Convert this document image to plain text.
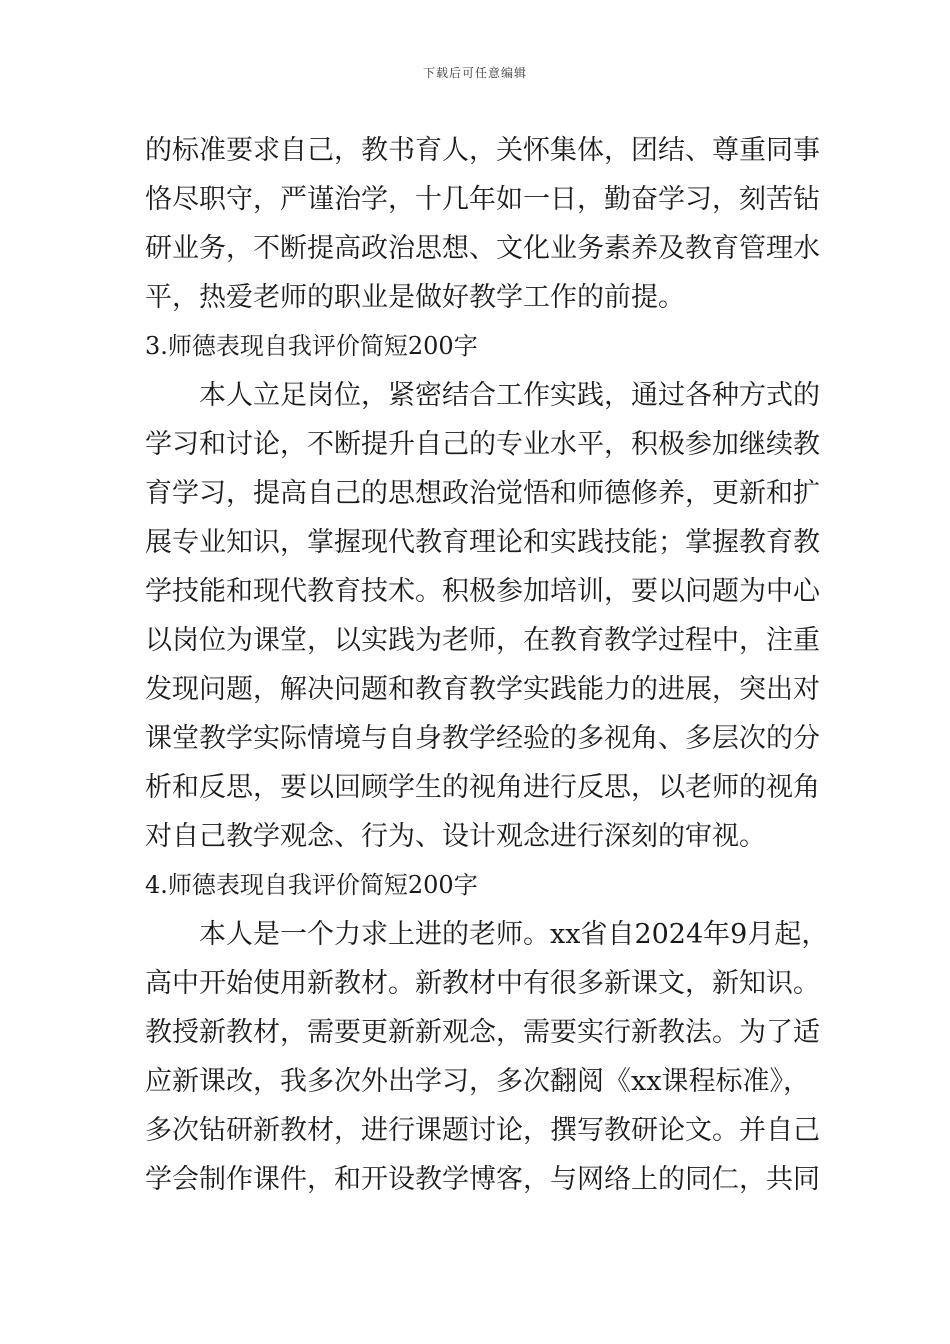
下载后可任意编辑
的标准要求自己，教书育人，关怀集体，团结、尊重同事
恪尽职守，严谨治学，十几年如一日，勤奋学习，刻苦钻
研业务，不断提高政治思想、文化业务素养及教育管理水
平，热爱老师的职业是做好教学工作的前提。
3.师德表现自我评价简短200字
本人立足岗位，紧密结合工作实践，通过各种方式的
学习和讨论，不断提升自己的专业水平，积极参加继续教
育学习，提高自己的思想政治觉悟和师德修养，更新和扩
展专业知识，掌握现代教育理论和实践技能；掌握教育教
学技能和现代教育技术。积极参加培训，要以问题为中心
以岗位为课堂，以实践为老师，在教育教学过程中，注重
发现问题，解决问题和教育教学实践能力的进展，突出对
课堂教学实际情境与自身教学经验的多视角、多层次的分
析和反思，要以回顾学生的视角进行反思，以老师的视角
对自己教学观念、行为、设计观念进行深刻的审视。
4.师德表现自我评价简短200字
本人是一个力求上进的老师。xx省自2024年9月起，
高中开始使用新教材。新教材中有很多新课文，新知识。
教授新教材，需要更新新观念，需要实行新教法。为了适
应新课改，我多次外出学习，多次翻阅《xx课程标准》，
多次钻研新教材，进行课题讨论，撰写教研论文。并自己
学会制作课件，和开设教学博客，与网络上的同仁，共同
